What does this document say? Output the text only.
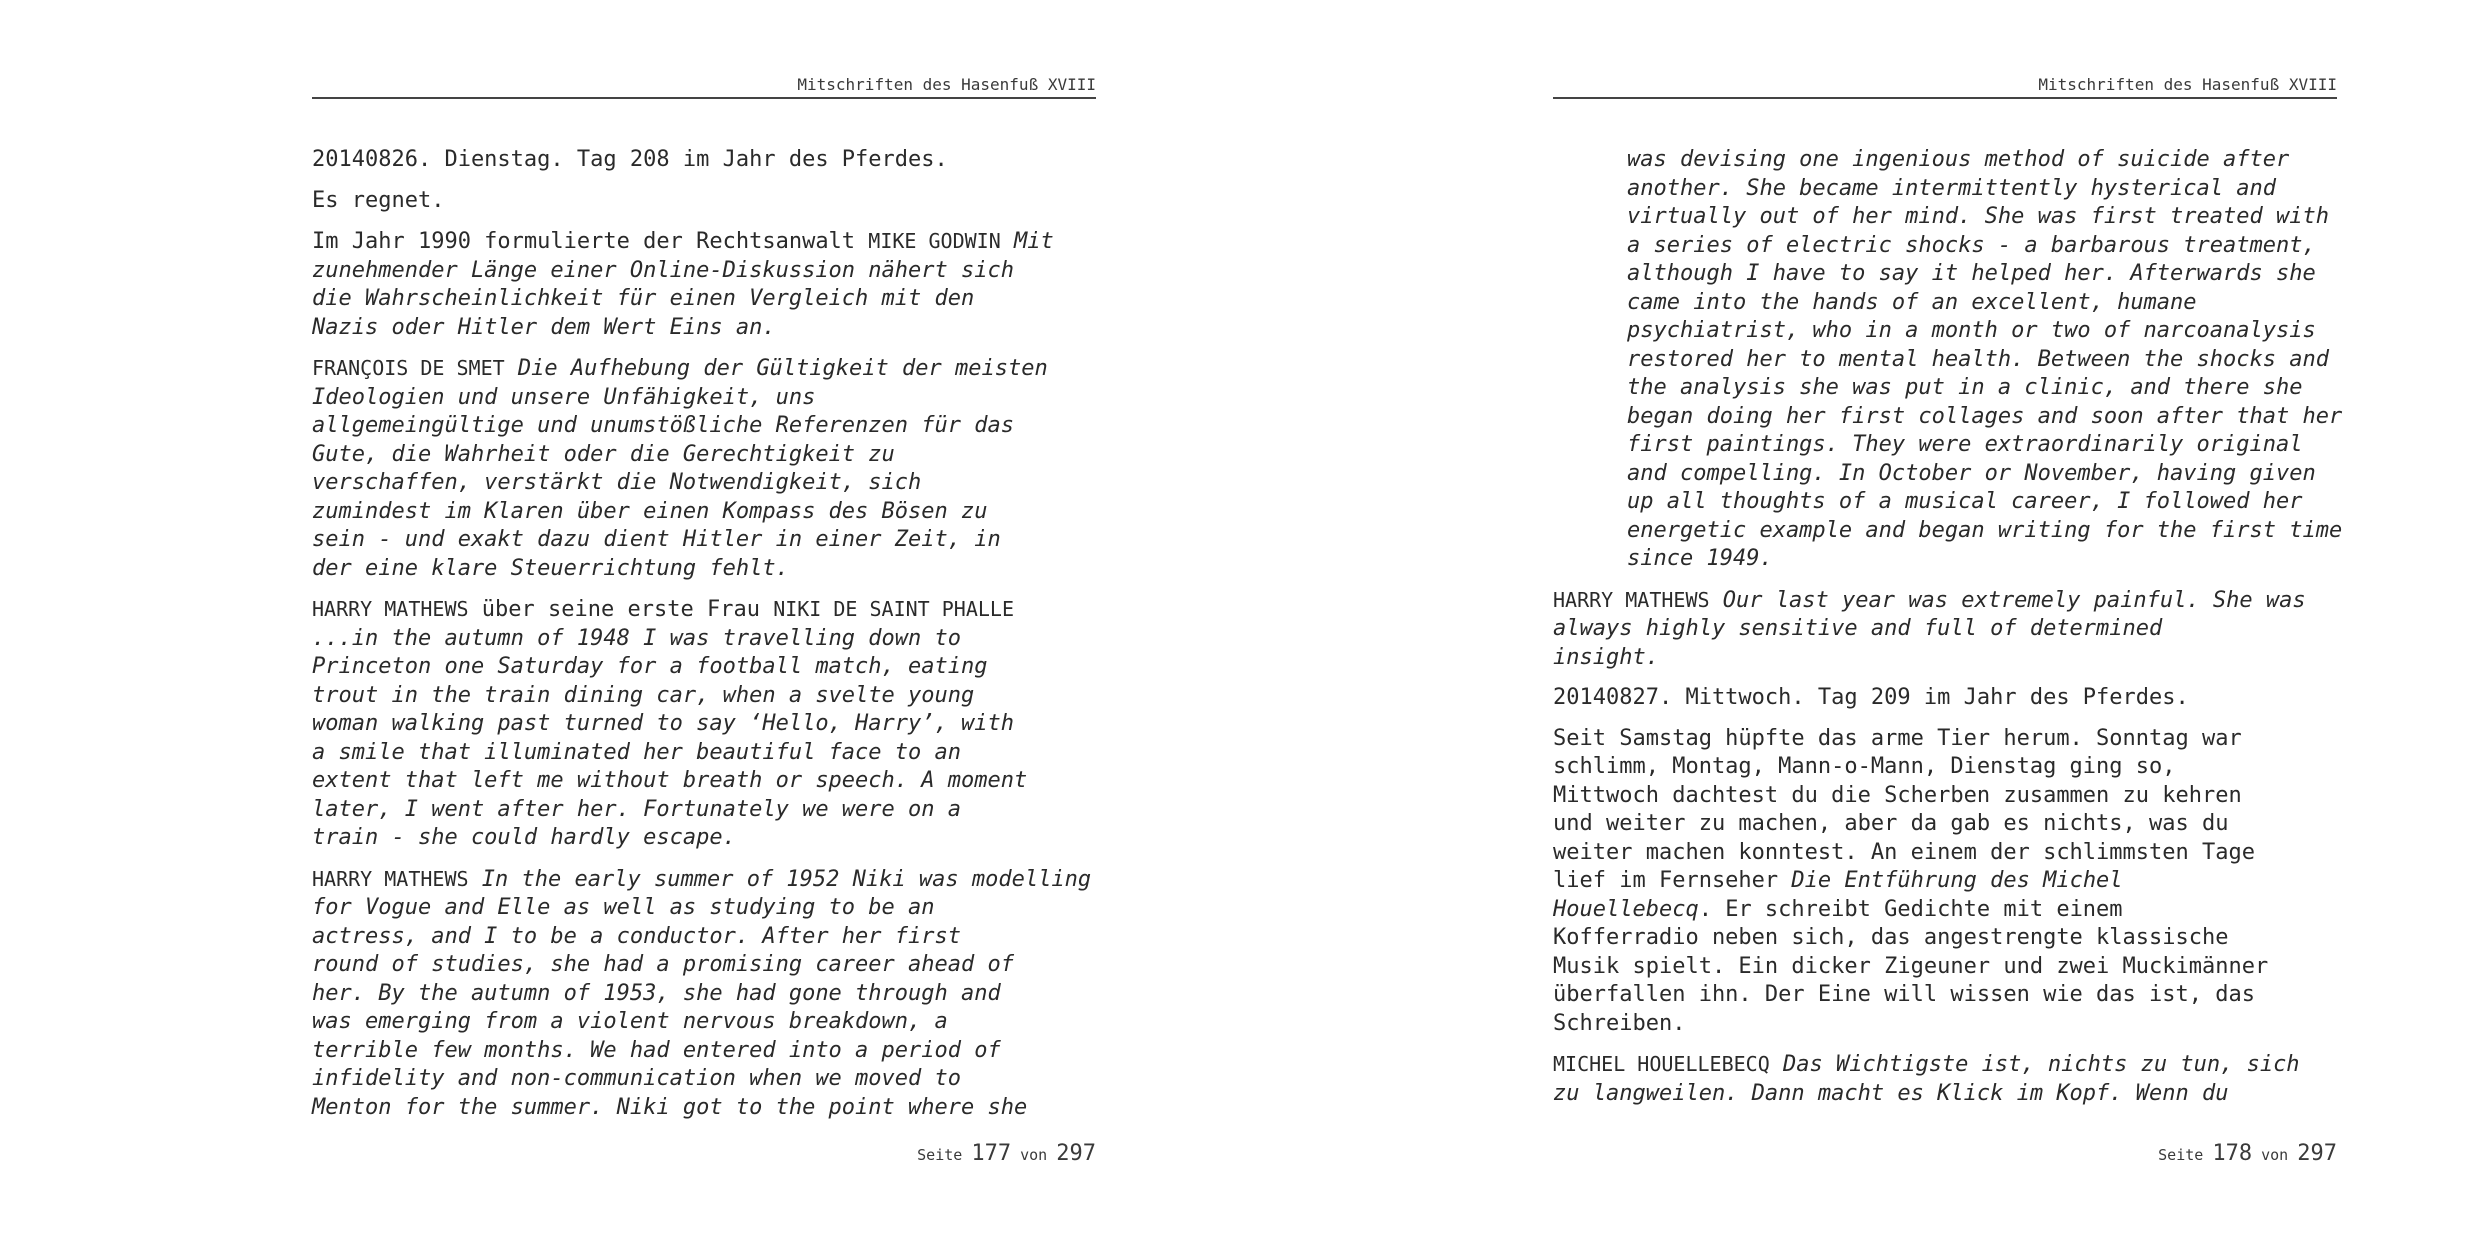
Mitschriften des Hasenfuß XVIII

20140826. Dienstag. Tag 208 im Jahr des Pferdes.

Es regnet.

Im Jahr 1990 formulierte der Rechtsanwalt MIKE GODWIN Mit
zunehmender Länge einer Online-Diskussion nähert sich
die Wahrscheinlichkeit für einen Vergleich mit den
Nazis oder Hitler dem Wert Eins an.

FRANÇOIS DE SMET Die Aufhebung der Gültigkeit der meisten
Ideologien und unsere Unfähigkeit, uns
allgemeingültige und unumstößliche Referenzen für das
Gute, die Wahrheit oder die Gerechtigkeit zu
verschaffen, verstärkt die Notwendigkeit, sich
zumindest im Klaren über einen Kompass des Bösen zu
sein - und exakt dazu dient Hitler in einer Zeit, in
der eine klare Steuerrichtung fehlt.

HARRY MATHEWS über seine erste Frau NIKI DE SAINT PHALLE
...in the autumn of 1948 I was travelling down to
Princeton one Saturday for a football match, eating
trout in the train dining car, when a svelte young
woman walking past turned to say ‘Hello, Harry’, with
a smile that illuminated her beautiful face to an
extent that left me without breath or speech. A moment
later, I went after her. Fortunately we were on a
train - she could hardly escape.

HARRY MATHEWS In the early summer of 1952 Niki was modelling
for Vogue and Elle as well as studying to be an
actress, and I to be a conductor. After her first
round of studies, she had a promising career ahead of
her. By the autumn of 1953, she had gone through and
was emerging from a violent nervous breakdown, a
terrible few months. We had entered into a period of
infidelity and non-communication when we moved to
Menton for the summer. Niki got to the point where she

Seite 177 von 297
Mitschriften des Hasenfuß XVIII

was devising one ingenious method of suicide after
another. She became intermittently hysterical and
virtually out of her mind. She was first treated with
a series of electric shocks - a barbarous treatment,
although I have to say it helped her. Afterwards she
came into the hands of an excellent, humane
psychiatrist, who in a month or two of narcoanalysis
restored her to mental health. Between the shocks and
the analysis she was put in a clinic, and there she
began doing her first collages and soon after that her
first paintings. They were extraordinarily original
and compelling. In October or November, having given
up all thoughts of a musical career, I followed her
energetic example and began writing for the first time
since 1949.

HARRY MATHEWS Our last year was extremely painful. She was
always highly sensitive and full of determined
insight.

20140827. Mittwoch. Tag 209 im Jahr des Pferdes.

Seit Samstag hüpfte das arme Tier herum. Sonntag war
schlimm, Montag, Mann-o-Mann, Dienstag ging so,
Mittwoch dachtest du die Scherben zusammen zu kehren
und weiter zu machen, aber da gab es nichts, was du
weiter machen konntest. An einem der schlimmsten Tage
lief im Fernseher Die Entführung des Michel
Houellebecq. Er schreibt Gedichte mit einem
Kofferradio neben sich, das angestrengte klassische
Musik spielt. Ein dicker Zigeuner und zwei Muckimänner
überfallen ihn. Der Eine will wissen wie das ist, das
Schreiben.

MICHEL HOUELLEBECQ Das Wichtigste ist, nichts zu tun, sich
zu langweilen. Dann macht es Klick im Kopf. Wenn du

Seite 178 von 297
